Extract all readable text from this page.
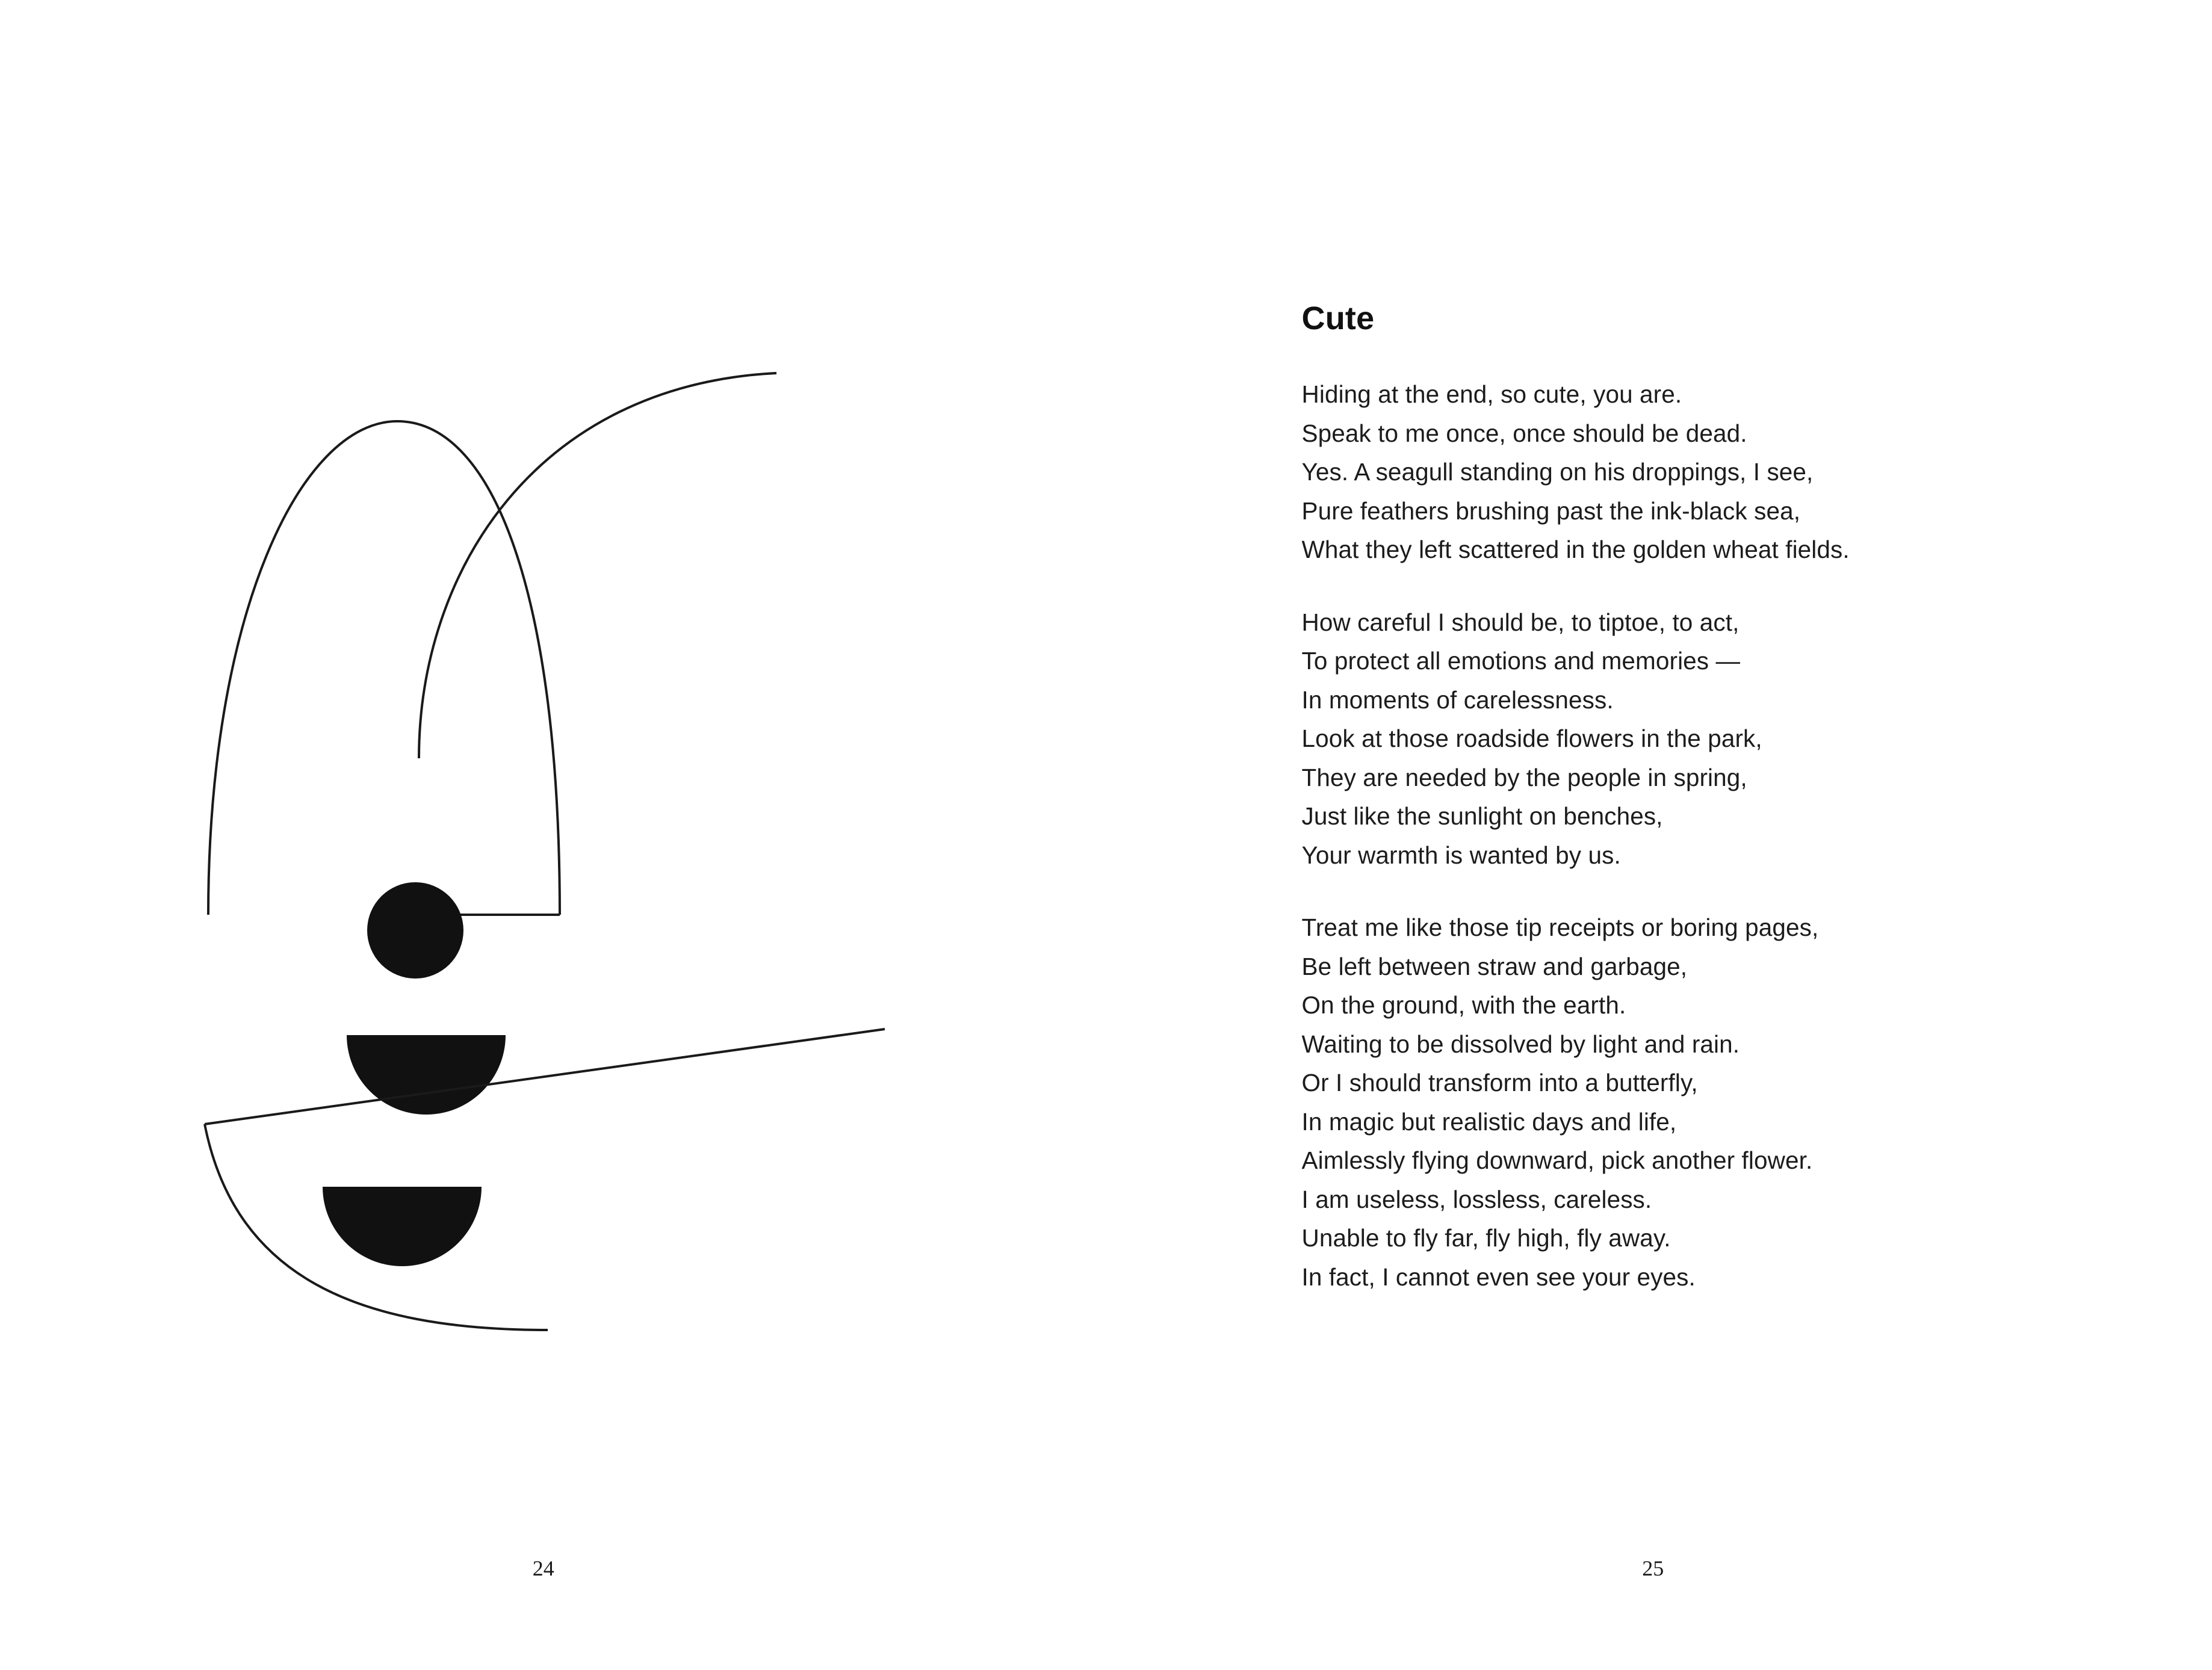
24
Cute
Hiding at the end, so cute, you are.
Speak to me once, once should be dead.
Yes. A seagull standing on his droppings, I see,
Pure feathers brushing past the ink-black sea,
What they left scattered in the golden wheat fields.
How careful I should be, to tiptoe, to act,
To protect all emotions and memories —
In moments of carelessness.
Look at those roadside flowers in the park,
They are needed by the people in spring,
Just like the sunlight on benches,
Your warmth is wanted by us.
Treat me like those tip receipts or boring pages,
Be left between straw and garbage,
On the ground, with the earth.
Waiting to be dissolved by light and rain.
Or I should transform into a butterfly,
In magic but realistic days and life,
Aimlessly flying downward, pick another flower.
I am useless, lossless, careless.
Unable to fly far, fly high, fly away.
In fact, I cannot even see your eyes.
25
